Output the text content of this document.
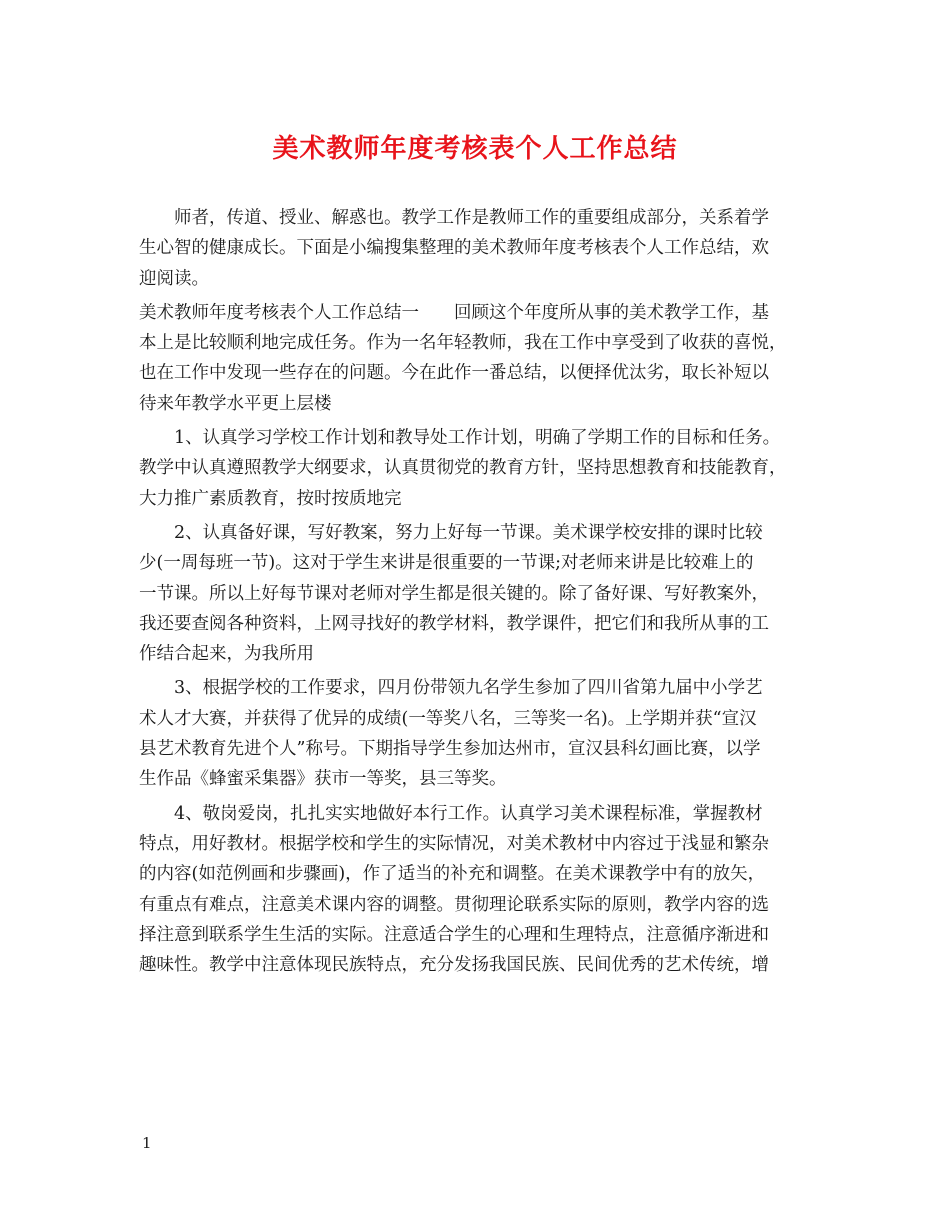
美术教师年度考核表个人工作总结
师者，传道、授业、解惑也。教学工作是教师工作的重要组成部分，关系着学
生心智的健康成长。下面是小编搜集整理的美术教师年度考核表个人工作总结，欢
迎阅读。
美术教师年度考核表个人工作总结一　　回顾这个年度所从事的美术教学工作，基
本上是比较顺利地完成任务。作为一名年轻教师，我在工作中享受到了收获的喜悦，
也在工作中发现一些存在的问题。今在此作一番总结，以便择优汰劣，取长补短以
待来年教学水平更上层楼
1、认真学习学校工作计划和教导处工作计划，明确了学期工作的目标和任务。
教学中认真遵照教学大纲要求，认真贯彻党的教育方针，坚持思想教育和技能教育，
大力推广素质教育，按时按质地完
2、认真备好课，写好教案，努力上好每一节课。美术课学校安排的课时比较
少(一周每班一节)。这对于学生来讲是很重要的一节课;对老师来讲是比较难上的
一节课。所以上好每节课对老师对学生都是很关键的。除了备好课、写好教案外，
我还要查阅各种资料，上网寻找好的教学材料，教学课件，把它们和我所从事的工
作结合起来，为我所用
3、根据学校的工作要求，四月份带领九名学生参加了四川省第九届中小学艺
术人才大赛，并获得了优异的成绩(一等奖八名，三等奖一名)。上学期并获“宣汉
县艺术教育先进个人”称号。下期指导学生参加达州市，宣汉县科幻画比赛，以学
生作品《蜂蜜采集器》获市一等奖，县三等奖。
4、敬岗爱岗，扎扎实实地做好本行工作。认真学习美术课程标准，掌握教材
特点，用好教材。根据学校和学生的实际情况，对美术教材中内容过于浅显和繁杂
的内容(如范例画和步骤画)，作了适当的补充和调整。在美术课教学中有的放矢，
有重点有难点，注意美术课内容的调整。贯彻理论联系实际的原则，教学内容的选
择注意到联系学生生活的实际。注意适合学生的心理和生理特点，注意循序渐进和
趣味性。教学中注意体现民族特点，充分发扬我国民族、民间优秀的艺术传统，增
1
